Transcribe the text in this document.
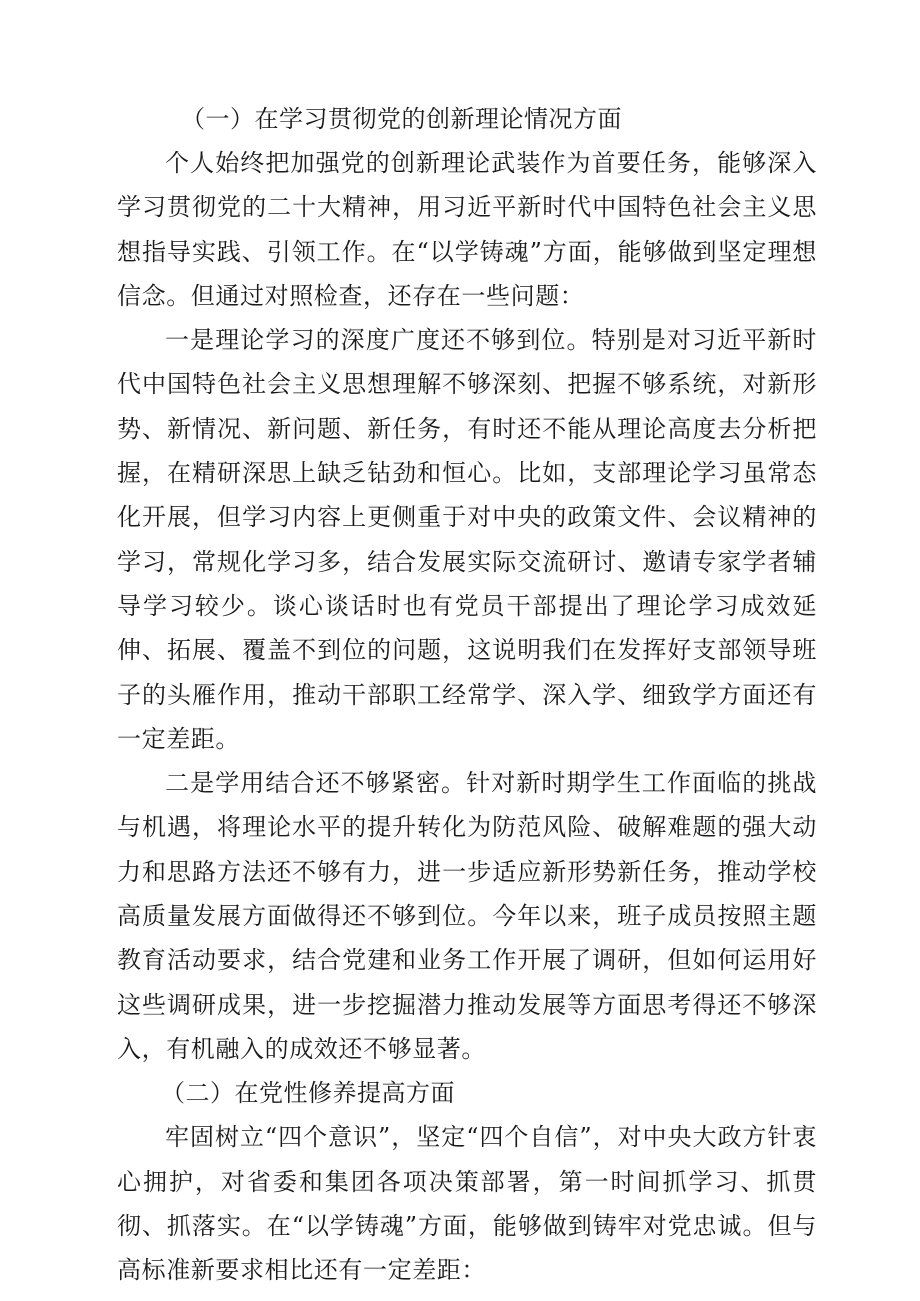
（一）在学习贯彻党的创新理论情况方面

个人始终把加强党的创新理论武装作为首要任务，能够深入学习贯彻党的二十大精神，用习近平新时代中国特色社会主义思想指导实践、引领工作。在“以学铸魂”方面，能够做到坚定理想信念。但通过对照检查，还存在一些问题：

一是理论学习的深度广度还不够到位。特别是对习近平新时代中国特色社会主义思想理解不够深刻、把握不够系统，对新形势、新情况、新问题、新任务，有时还不能从理论高度去分析把握，在精研深思上缺乏钻劲和恒心。比如，支部理论学习虽常态化开展，但学习内容上更侧重于对中央的政策文件、会议精神的学习，常规化学习多，结合发展实际交流研讨、邀请专家学者辅导学习较少。谈心谈话时也有党员干部提出了理论学习成效延伸、拓展、覆盖不到位的问题，这说明我们在发挥好支部领导班子的头雁作用，推动干部职工经常学、深入学、细致学方面还有一定差距。

二是学用结合还不够紧密。针对新时期学生工作面临的挑战与机遇，将理论水平的提升转化为防范风险、破解难题的强大动力和思路方法还不够有力，进一步适应新形势新任务，推动学校高质量发展方面做得还不够到位。今年以来，班子成员按照主题教育活动要求，结合党建和业务工作开展了调研，但如何运用好这些调研成果，进一步挖掘潜力推动发展等方面思考得还不够深入，有机融入的成效还不够显著。

（二）在党性修养提高方面

牢固树立“四个意识”，坚定“四个自信”，对中央大政方针衷心拥护，对省委和集团各项决策部署，第一时间抓学习、抓贯彻、抓落实。在“以学铸魂”方面，能够做到铸牢对党忠诚。但与高标准新要求相比还有一定差距：
